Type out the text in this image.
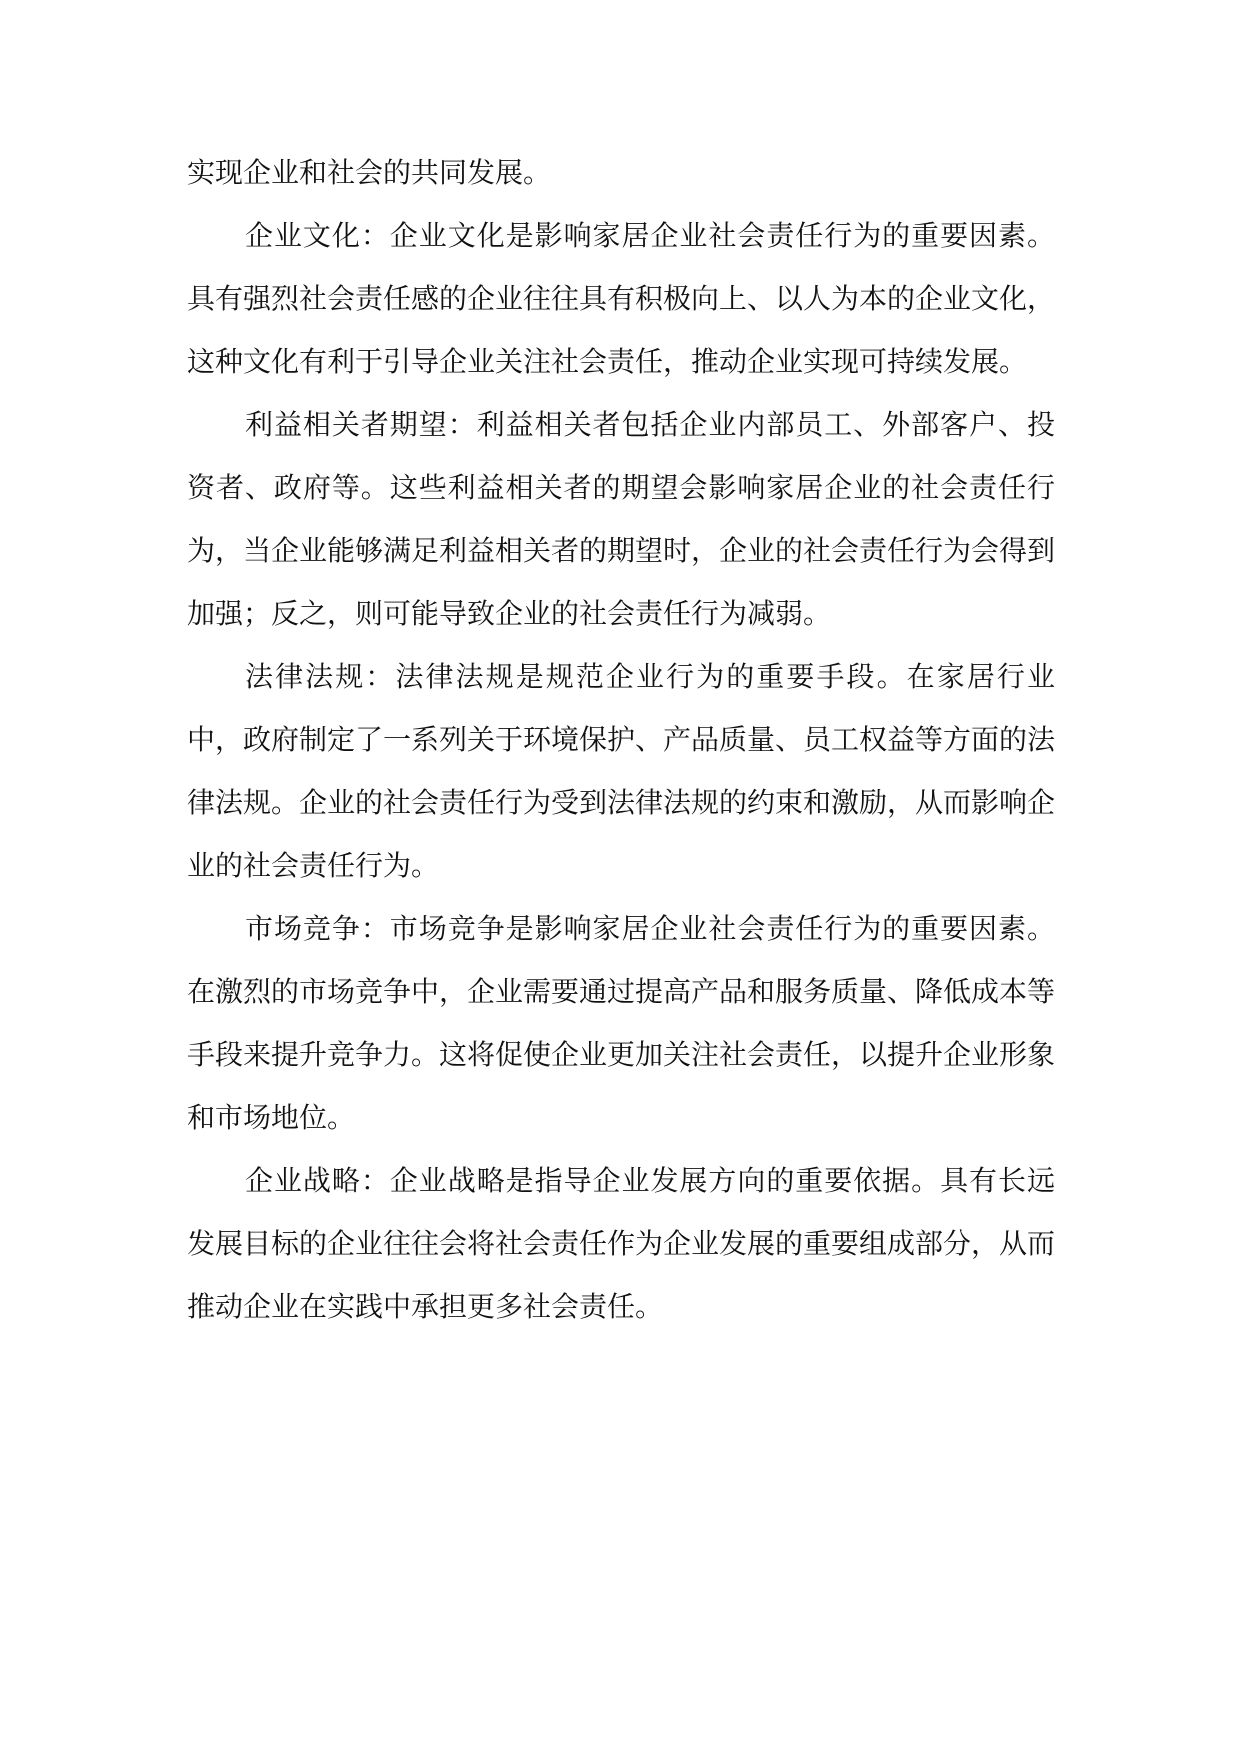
实现企业和社会的共同发展。

企业文化：企业文化是影响家居企业社会责任行为的重要因素。具有强烈社会责任感的企业往往具有积极向上、以人为本的企业文化，这种文化有利于引导企业关注社会责任，推动企业实现可持续发展。

利益相关者期望：利益相关者包括企业内部员工、外部客户、投资者、政府等。这些利益相关者的期望会影响家居企业的社会责任行为，当企业能够满足利益相关者的期望时，企业的社会责任行为会得到加强；反之，则可能导致企业的社会责任行为减弱。

法律法规：法律法规是规范企业行为的重要手段。在家居行业中，政府制定了一系列关于环境保护、产品质量、员工权益等方面的法律法规。企业的社会责任行为受到法律法规的约束和激励，从而影响企业的社会责任行为。

市场竞争：市场竞争是影响家居企业社会责任行为的重要因素。在激烈的市场竞争中，企业需要通过提高产品和服务质量、降低成本等手段来提升竞争力。这将促使企业更加关注社会责任，以提升企业形象和市场地位。

企业战略：企业战略是指导企业发展方向的重要依据。具有长远发展目标的企业往往会将社会责任作为企业发展的重要组成部分，从而推动企业在实践中承担更多社会责任。
